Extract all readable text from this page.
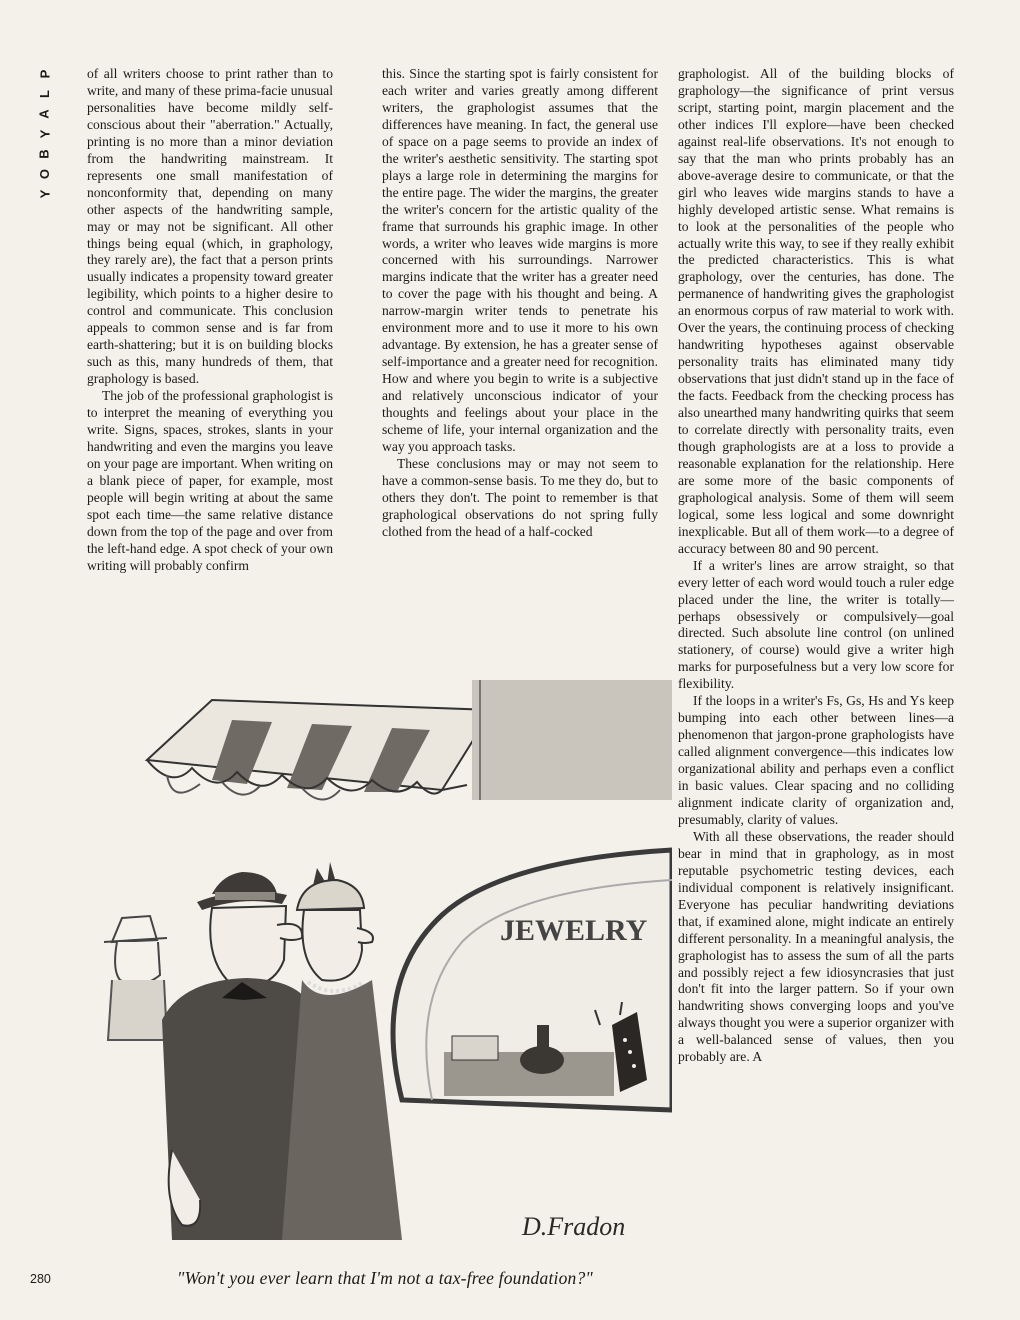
P
L
A
Y
B
O
Y

of all writers choose to print rather than to write, and many of these prima-facie unusual personalities have become mildly self-conscious about their "aberration." Actually, printing is no more than a minor deviation from the handwriting mainstream. It represents one small manifestation of nonconformity that, depending on many other aspects of the handwriting sample, may or may not be significant. All other things being equal (which, in graphology, they rarely are), the fact that a person prints usually indicates a propensity toward greater legibility, which points to a higher desire to control and communicate. This conclusion appeals to common sense and is far from earth-shattering; but it is on building blocks such as this, many hundreds of them, that graphology is based.

The job of the professional graphologist is to interpret the meaning of everything you write. Signs, spaces, strokes, slants in your handwriting and even the margins you leave on your page are important. When writing on a blank piece of paper, for example, most people will begin writing at about the same spot each time—the same relative distance down from the top of the page and over from the left-hand edge. A spot check of your own writing will probably confirm

this. Since the starting spot is fairly consistent for each writer and varies greatly among different writers, the graphologist assumes that the differences have meaning. In fact, the general use of space on a page seems to provide an index of the writer's aesthetic sensitivity. The starting spot plays a large role in determining the margins for the entire page. The wider the margins, the greater the writer's concern for the artistic quality of the frame that surrounds his graphic image. In other words, a writer who leaves wide margins is more concerned with his surroundings. Narrower margins indicate that the writer has a greater need to cover the page with his thought and being. A narrow-margin writer tends to penetrate his environment more and to use it more to his own advantage. By extension, he has a greater sense of self-importance and a greater need for recognition. How and where you begin to write is a subjective and relatively unconscious indicator of your thoughts and feelings about your place in the scheme of life, your internal organization and the way you approach tasks.

These conclusions may or may not seem to have a common-sense basis. To me they do, but to others they don't. The point to remember is that graphological observations do not spring fully clothed from the head of a half-cocked

graphologist. All of the building blocks of graphology—the significance of print versus script, starting point, margin placement and the other indices I'll explore—have been checked against real-life observations. It's not enough to say that the man who prints probably has an above-average desire to communicate, or that the girl who leaves wide margins stands to have a highly developed artistic sense. What remains is to look at the personalities of the people who actually write this way, to see if they really exhibit the predicted characteristics. This is what graphology, over the centuries, has done. The permanence of handwriting gives the graphologist an enormous corpus of raw material to work with. Over the years, the continuing process of checking handwriting hypotheses against observable personality traits has eliminated many tidy observations that just didn't stand up in the face of the facts. Feedback from the checking process has also unearthed many handwriting quirks that seem to correlate directly with personality traits, even though graphologists are at a loss to provide a reasonable explanation for the relationship. Here are some more of the basic components of graphological analysis. Some of them will seem logical, some less logical and some downright inexplicable. But all of them work—to a degree of accuracy between 80 and 90 percent.

If a writer's lines are arrow straight, so that every letter of each word would touch a ruler edge placed under the line, the writer is totally—perhaps obsessively or compulsively—goal directed. Such absolute line control (on unlined stationery, of course) would give a writer high marks for purposefulness but a very low score for flexibility.

If the loops in a writer's Fs, Gs, Hs and Ys keep bumping into each other between lines—a phenomenon that jargon-prone graphologists have called alignment convergence—this indicates low organizational ability and perhaps even a conflict in basic values. Clear spacing and no colliding alignment indicate clarity of organization and, presumably, clarity of values.

With all these observations, the reader should bear in mind that in graphology, as in most reputable psychometric testing devices, each individual component is relatively insignificant. Everyone has peculiar handwriting deviations that, if examined alone, might indicate an entirely different personality. In a meaningful analysis, the graphologist has to assess the sum of all the parts and possibly reject a few idiosyncrasies that just don't fit into the larger pattern. So if your own handwriting shows converging loops and you've always thought you were a superior organizer with a well-balanced sense of values, then you probably are. A

JEWELRY
D.Fradon
"Won't you ever learn that I'm not a tax-free foundation?"
280
